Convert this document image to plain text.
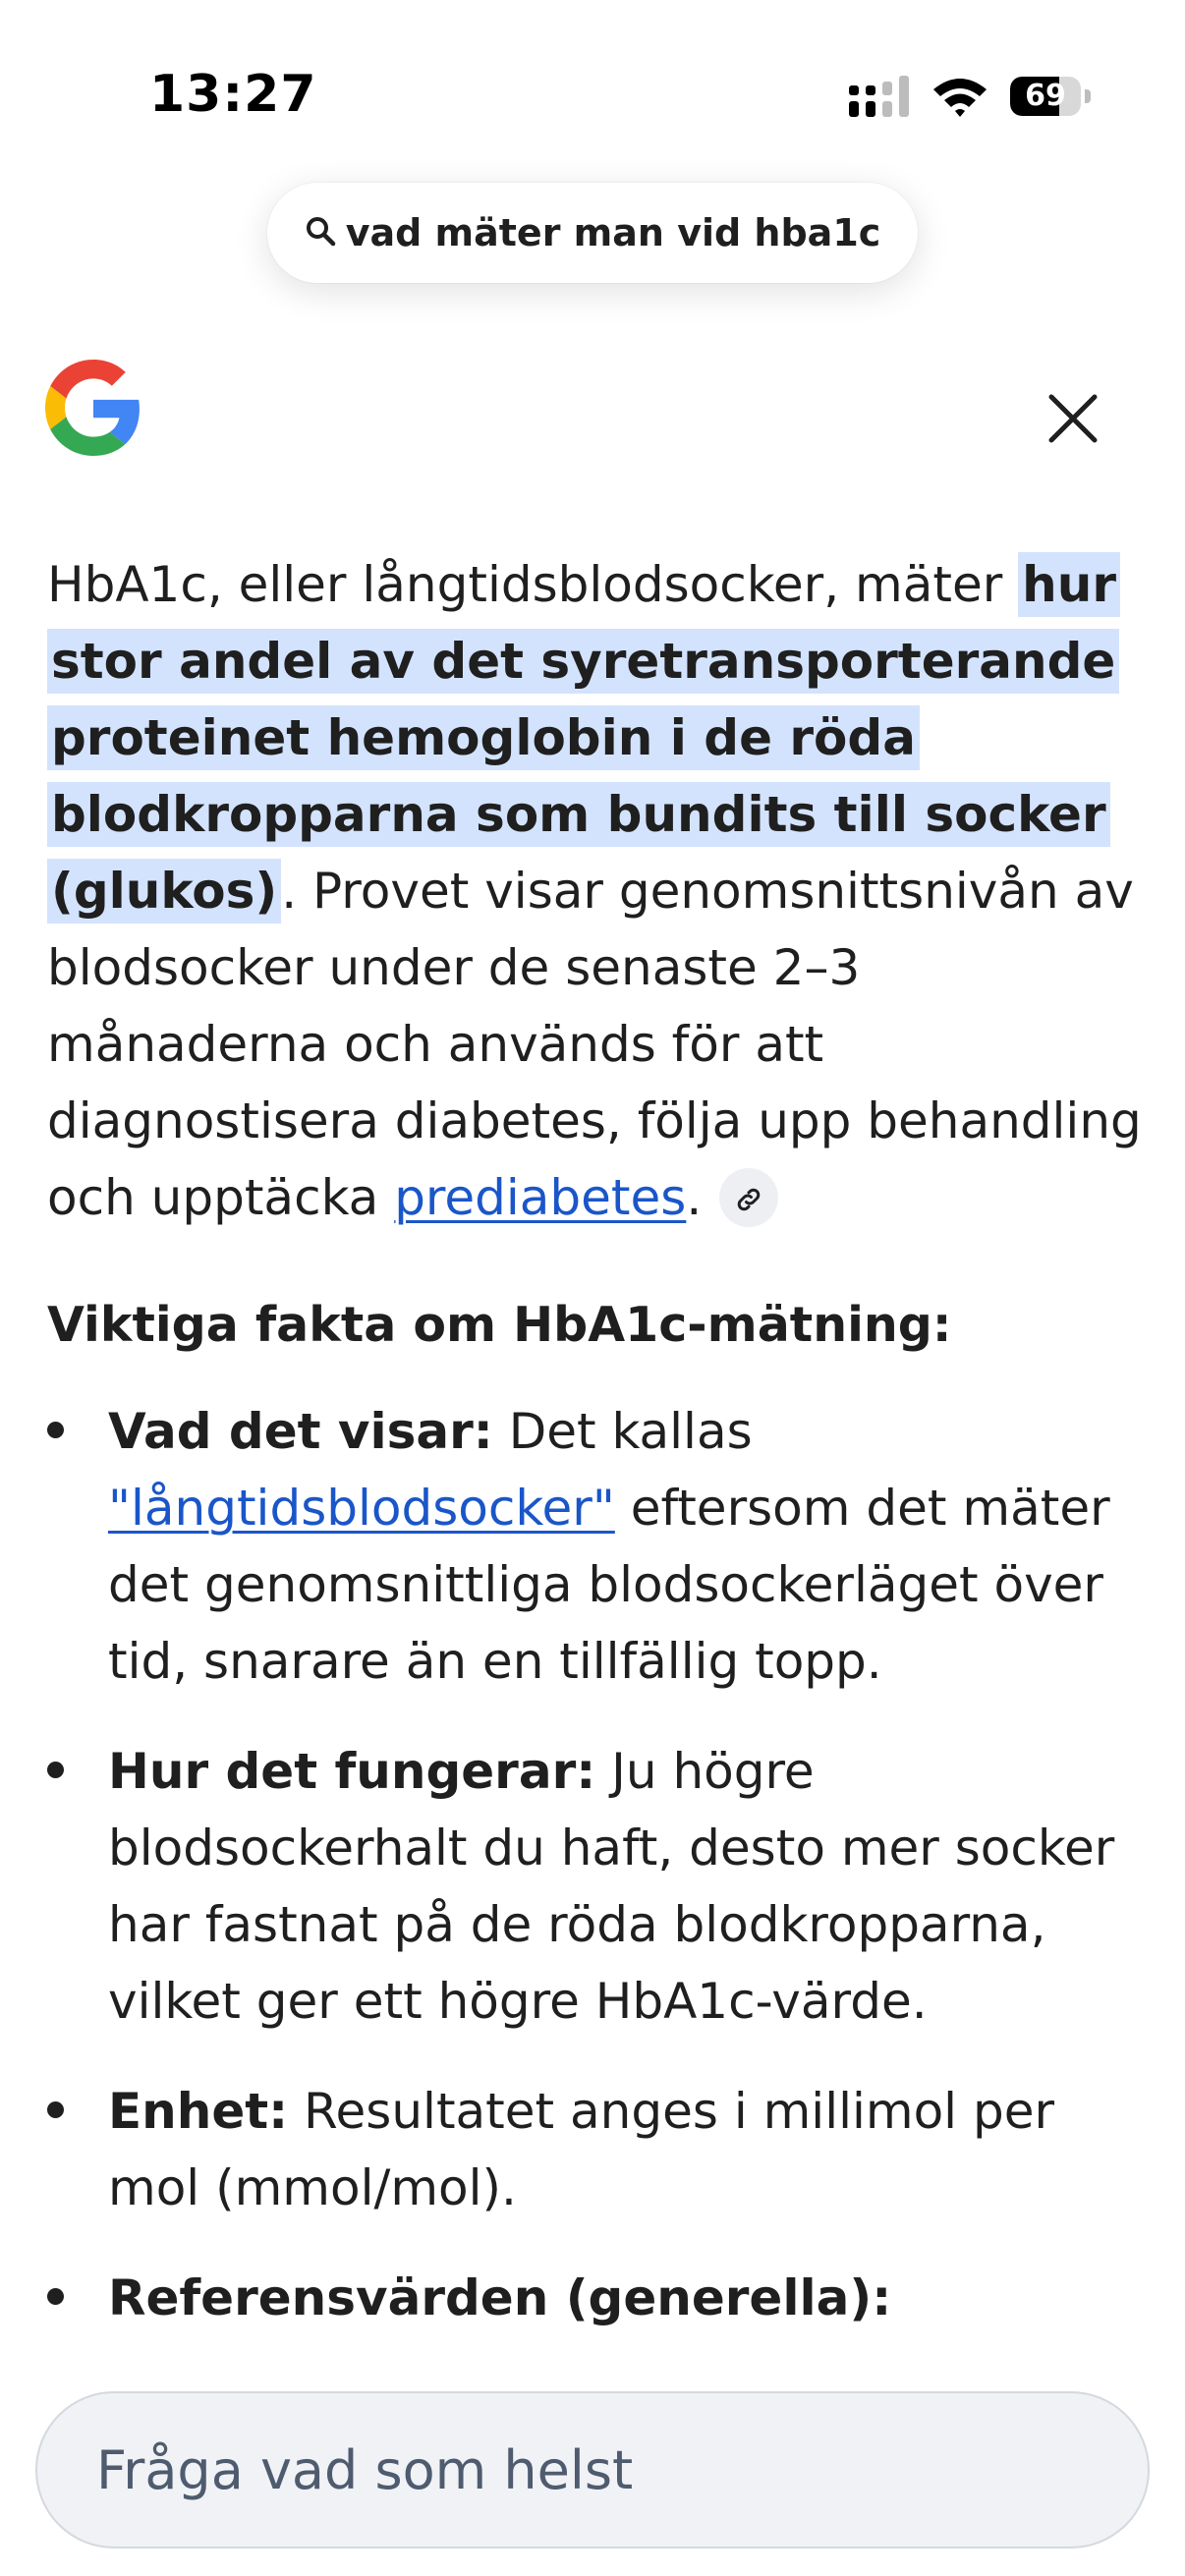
13:27	69
vad mäter man vid hba1c

HbA1c, eller långtidsblodsocker, mäter hur stor andel av det syretransporterande proteinet hemoglobin i de röda blodkropparna som bundits till socker (glukos). Provet visar genomsnittsnivån av blodsocker under de senaste 2–3 månaderna och används för att diagnostisera diabetes, följa upp behandling och upptäcka prediabetes.

Viktiga fakta om HbA1c-mätning:
Vad det visar: Det kallas "långtidsblodsocker" eftersom det mäter det genomsnittliga blodsockerläget över tid, snarare än en tillfällig topp.
Hur det fungerar: Ju högre blodsockerhalt du haft, desto mer socker har fastnat på de röda blodkropparna, vilket ger ett högre HbA1c-värde.
Enhet: Resultatet anges i millimol per mol (mmol/mol).
Referensvärden (generella):
Fråga vad som helst
